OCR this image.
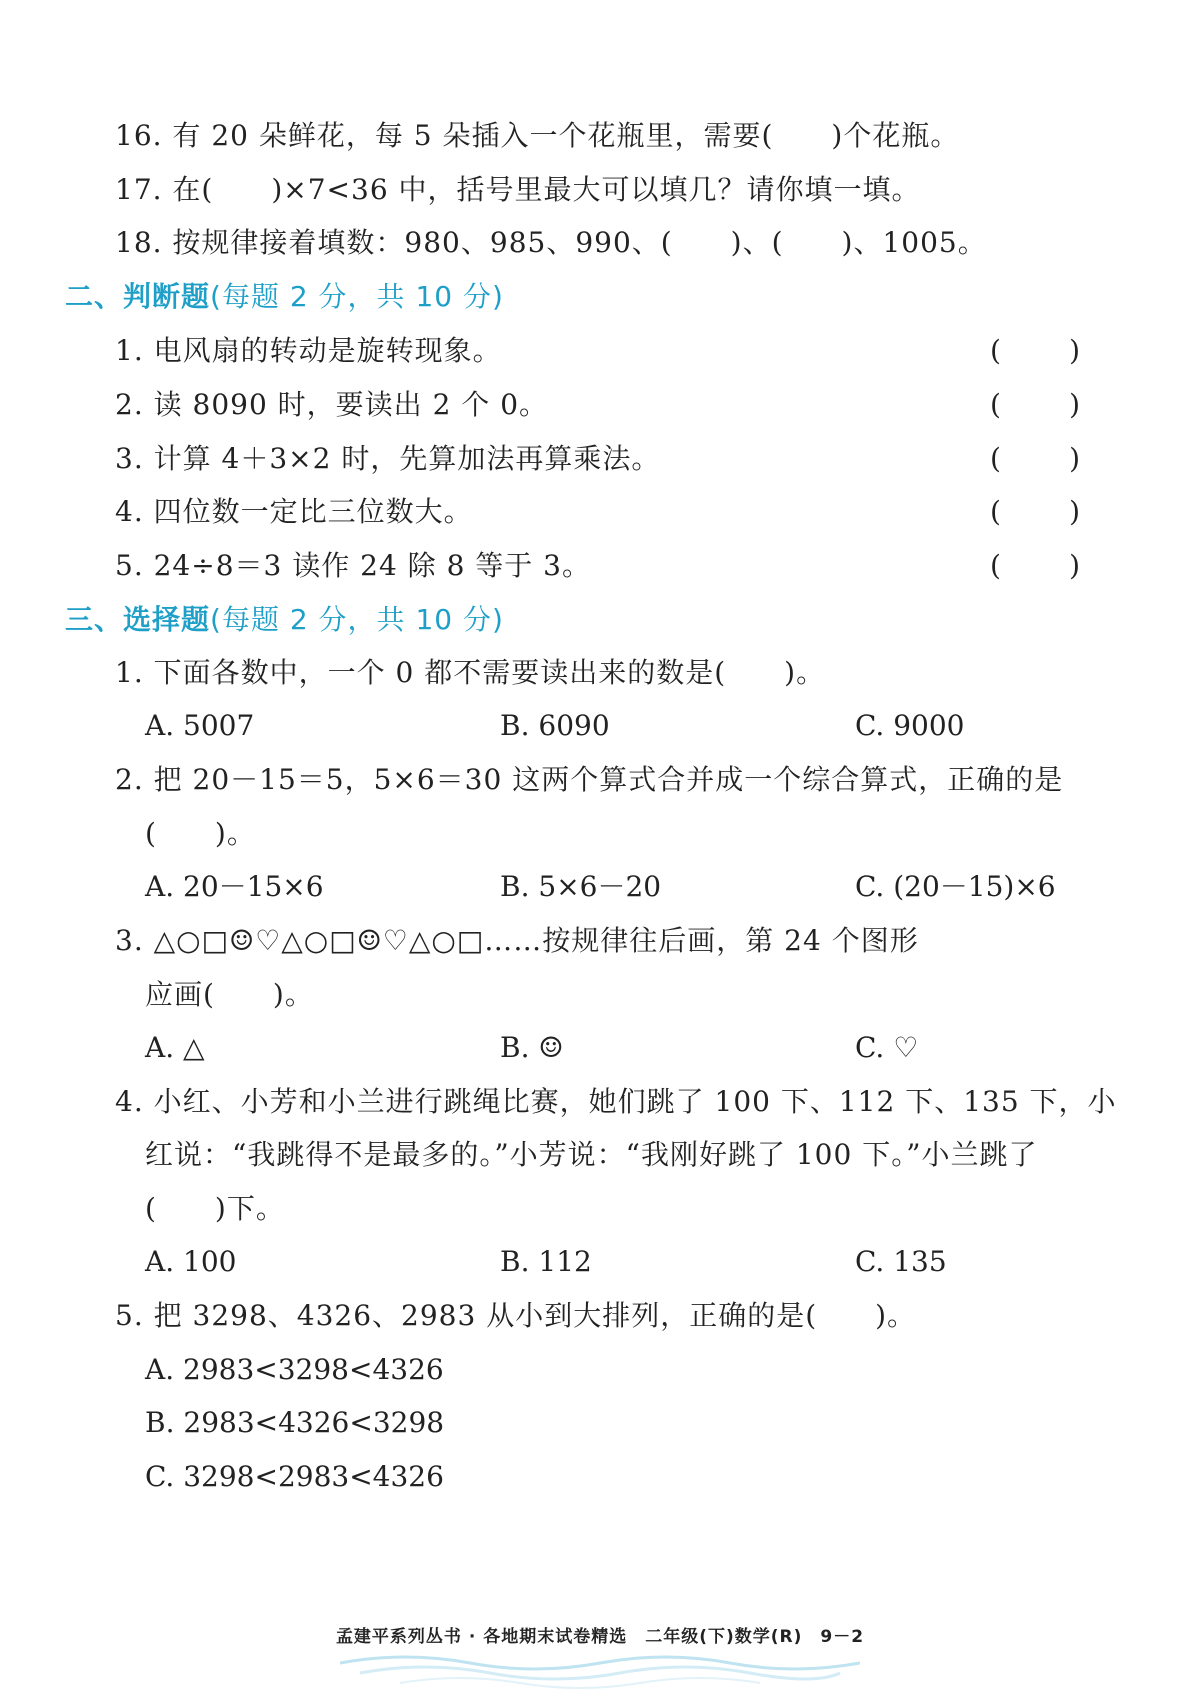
16. 有 20 朵鲜花，每 5 朵插入一个花瓶里，需要(　　)个花瓶。
17. 在(　　)×7<36 中，括号里最大可以填几？请你填一填。
18. 按规律接着填数：980、985、990、(　　)、(　　)、1005。
二、判断题(每题 2 分，共 10 分)
1. 电风扇的转动是旋转现象。	( )
2. 读 8090 时，要读出 2 个 0。	( )
3. 计算 4＋3×2 时，先算加法再算乘法。	( )
4. 四位数一定比三位数大。	( )
5. 24÷8＝3 读作 24 除 8 等于 3。	( )
三、选择题(每题 2 分，共 10 分)
1. 下面各数中，一个 0 都不需要读出来的数是(　　)。
A. 5007	B. 6090	C. 9000
2. 把 20－15＝5，5×6＝30 这两个算式合并成一个综合算式，正确的是
(　　)。
A. 20－15×6	B. 5×6－20	C. (20－15)×6
3. △○□☺♡△○□☺♡△○□……按规律往后画，第 24 个图形
应画(　　)。
A. △	B. ☺	C. ♡
4. 小红、小芳和小兰进行跳绳比赛，她们跳了 100 下、112 下、135 下，小
红说：“我跳得不是最多的。”小芳说：“我刚好跳了 100 下。”小兰跳了
(　　)下。
A. 100	B. 112	C. 135
5. 把 3298、4326、2983 从小到大排列，正确的是(　　)。
A. 2983<3298<4326
B. 2983<4326<3298
C. 3298<2983<4326
孟建平系列丛书 · 各地期末试卷精选　二年级(下)数学(R)　9－2
